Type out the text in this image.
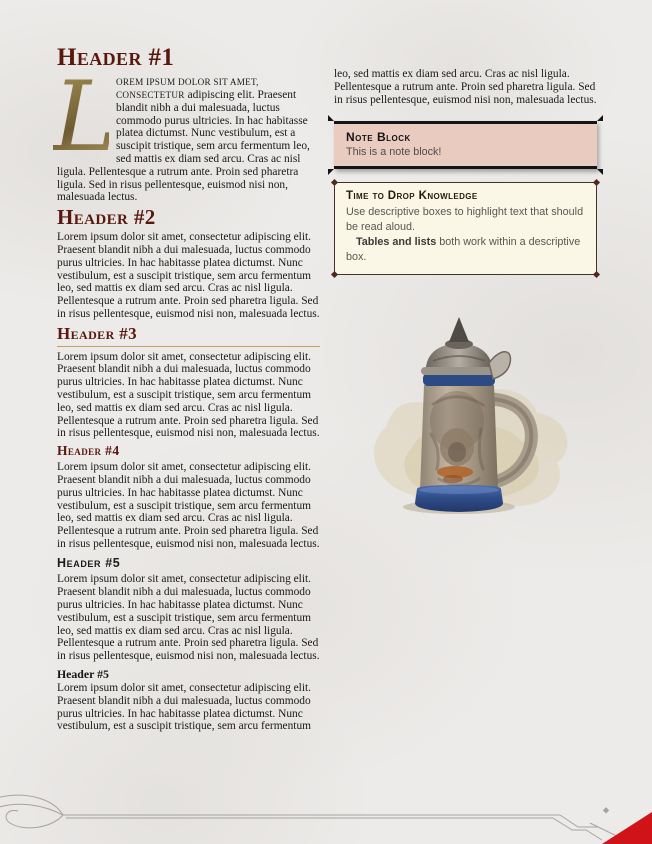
Header #1

L OREM IPSUM DOLOR SIT AMET, CONSECTETUR adipiscing elit. Praesent blandit nibh a dui malesuada, luctus commodo purus ultricies. In hac habitasse platea dictumst. Nunc vestibulum, est a suscipit tristique, sem arcu fermentum leo, sed mattis ex diam sed arcu. Cras ac nisl ligula. Pellentesque a rutrum ante. Proin sed pharetra ligula. Sed in risus pellentesque, euismod nisi non, malesuada lectus.

Header #2

Lorem ipsum dolor sit amet, consectetur adipiscing elit. Praesent blandit nibh a dui malesuada, luctus commodo purus ultricies. In hac habitasse platea dictumst. Nunc vestibulum, est a suscipit tristique, sem arcu fermentum leo, sed mattis ex diam sed arcu. Cras ac nisl ligula. Pellentesque a rutrum ante. Proin sed pharetra ligula. Sed in risus pellentesque, euismod nisi non, malesuada lectus.

Header #3

Lorem ipsum dolor sit amet, consectetur adipiscing elit. Praesent blandit nibh a dui malesuada, luctus commodo purus ultricies. In hac habitasse platea dictumst. Nunc vestibulum, est a suscipit tristique, sem arcu fermentum leo, sed mattis ex diam sed arcu. Cras ac nisl ligula. Pellentesque a rutrum ante. Proin sed pharetra ligula. Sed in risus pellentesque, euismod nisi non, malesuada lectus.

Header #4

Lorem ipsum dolor sit amet, consectetur adipiscing elit. Praesent blandit nibh a dui malesuada, luctus commodo purus ultricies. In hac habitasse platea dictumst. Nunc vestibulum, est a suscipit tristique, sem arcu fermentum leo, sed mattis ex diam sed arcu. Cras ac nisl ligula. Pellentesque a rutrum ante. Proin sed pharetra ligula. Sed in risus pellentesque, euismod nisi non, malesuada lectus.

Header #5

Lorem ipsum dolor sit amet, consectetur adipiscing elit. Praesent blandit nibh a dui malesuada, luctus commodo purus ultricies. In hac habitasse platea dictumst. Nunc vestibulum, est a suscipit tristique, sem arcu fermentum leo, sed mattis ex diam sed arcu. Cras ac nisl ligula. Pellentesque a rutrum ante. Proin sed pharetra ligula. Sed in risus pellentesque, euismod nisi non, malesuada lectus.

Header #5

Lorem ipsum dolor sit amet, consectetur adipiscing elit. Praesent blandit nibh a dui malesuada, luctus commodo purus ultricies. In hac habitasse platea dictumst. Nunc vestibulum, est a suscipit tristique, sem arcu fermentum

leo, sed mattis ex diam sed arcu. Cras ac nisl ligula. Pellentesque a rutrum ante. Proin sed pharetra ligula. Sed in risus pellentesque, euismod nisi non, malesuada lectus.

Note Block
This is a note block!
Time to Drop Knowledge
Use descriptive boxes to highlight text that should be read aloud.
Tables and lists both work within a descriptive box.
